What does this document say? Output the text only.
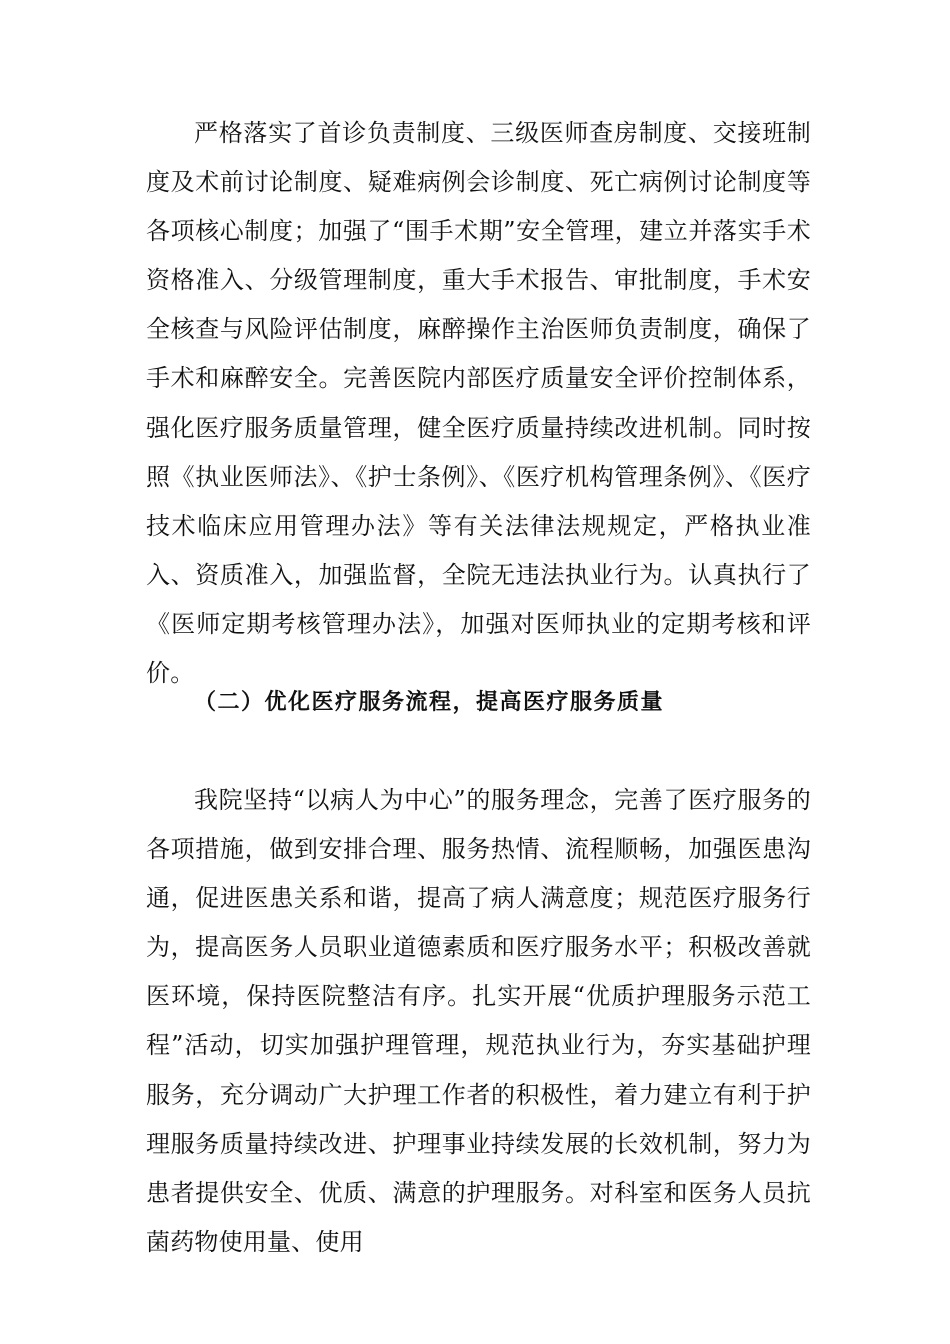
严格落实了首诊负责制度、三级医师查房制度、交接班制度及术前讨论制度、疑难病例会诊制度、死亡病例讨论制度等各项核心制度；加强了“围手术期”安全管理，建立并落实手术资格准入、分级管理制度，重大手术报告、审批制度，手术安全核查与风险评估制度，麻醉操作主治医师负责制度，确保了手术和麻醉安全。完善医院内部医疗质量安全评价控制体系，强化医疗服务质量管理，健全医疗质量持续改进机制。同时按照《执业医师法》、《护士条例》、《医疗机构管理条例》、《医疗技术临床应用管理办法》等有关法律法规规定，严格执业准入、资质准入，加强监督，全院无违法执业行为。认真执行了《医师定期考核管理办法》，加强对医师执业的定期考核和评价。

（二）优化医疗服务流程，提高医疗服务质量

我院坚持“以病人为中心”的服务理念，完善了医疗服务的各项措施，做到安排合理、服务热情、流程顺畅，加强医患沟通，促进医患关系和谐，提高了病人满意度；规范医疗服务行为，提高医务人员职业道德素质和医疗服务水平；积极改善就医环境，保持医院整洁有序。扎实开展“优质护理服务示范工程”活动，切实加强护理管理，规范执业行为，夯实基础护理服务，充分调动广大护理工作者的积极性，着力建立有利于护理服务质量持续改进、护理事业持续发展的长效机制，努力为患者提供安全、优质、满意的护理服务。对科室和医务人员抗菌药物使用量、使用
